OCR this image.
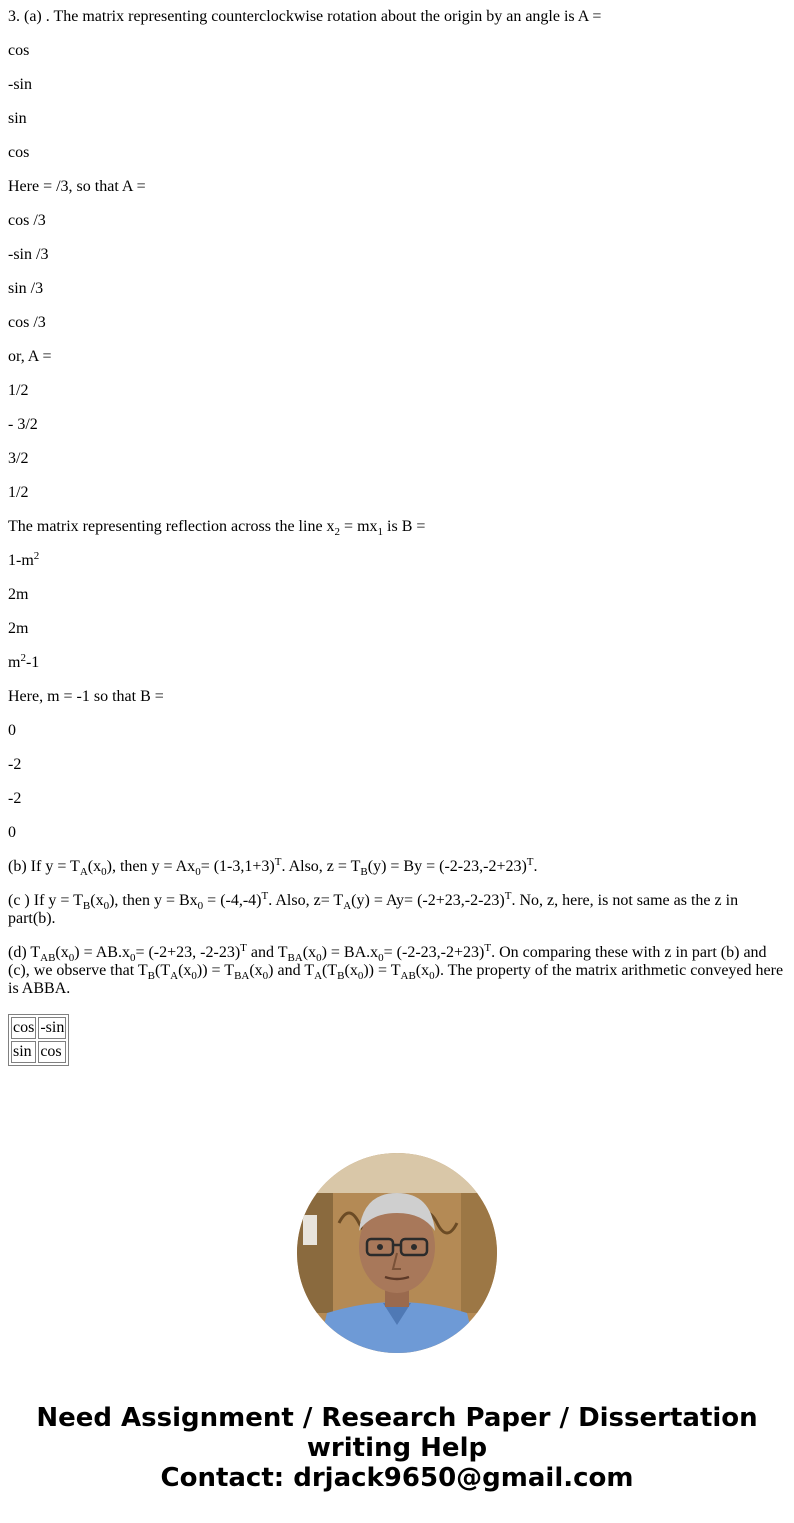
3. (a) . The matrix representing counterclockwise rotation about the origin by an angle is A =

cos

-sin

sin

cos

Here = /3, so that A =

cos /3

-sin /3

sin /3

cos /3

or, A =

1/2

- 3/2

3/2

1/2

The matrix representing reflection across the line $x_2 = mx_1$ is B =

$1-m^2$

2m

2m

$m^2-1$

Here, m = -1 so that B =

0

-2

-2

0

(b) If $y = T_A(x_0)$, then $y = Ax_0= (1-3,1+3)^T$. Also, $z = T_B(y) = By = (-2-23,-2+23)^T$.

(c ) If $y = T_B(x_0)$, then $y = Bx_0 = (-4,-4)^T$. Also, $z= T_A(y) = Ay= (-2+23,-2-23)^T$. No, z, here, is not same as the z in part(b).

(d) $T_{AB}(x_0) = AB.x_0= (-2+23$, -2-23)$^T$ and $T_{BA}(x_0) = BA.x_0= (-2-23,-2+23)^T$. On comparing these with z in part (b) and (c), we observe that $T_B(T_A(x_0)) = T_{BA}(x_0)$ and $T_A(T_B(x_0)) = T_{AB}(x_0)$. The property of the matrix arithmetic conveyed here is ABBA.

cos	-sin
sin	cos
Need Assignment / Research Paper / Dissertation
writing Help
Contact: drjack9650@gmail.com
